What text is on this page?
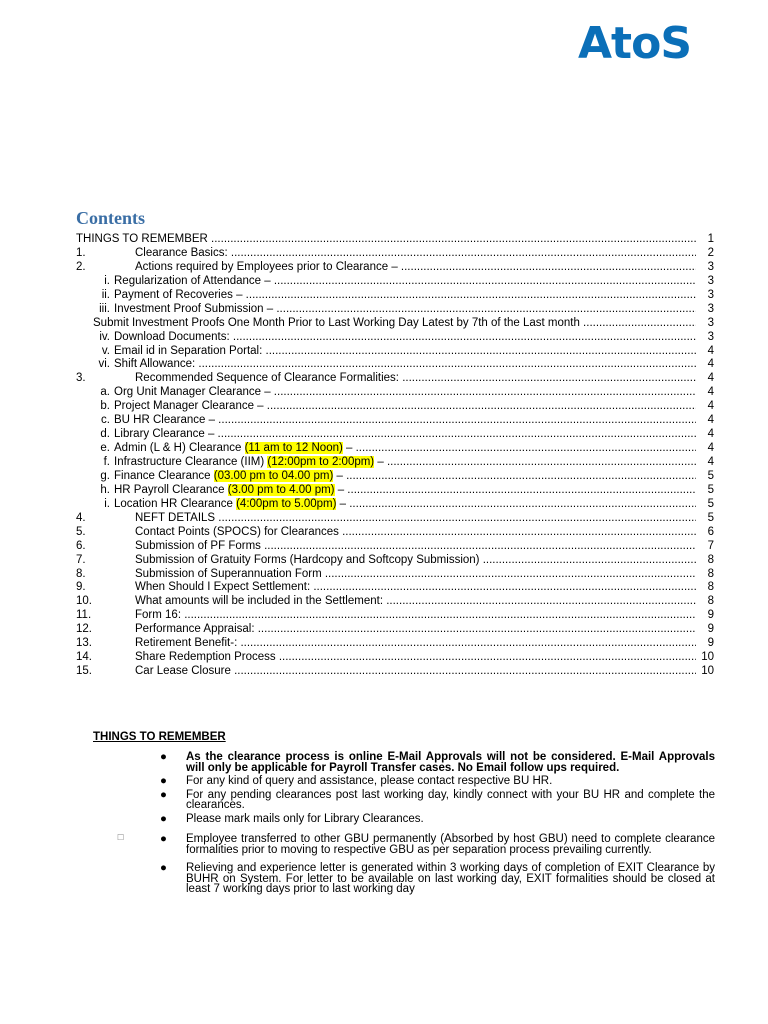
AtoS
Contents
THINGS TO REMEMBER .....	1
1.	Clearance Basics: .....	2
2.	Actions required by Employees prior to Clearance – .....	3
i. Regularization of Attendance – .....	3
ii. Payment of Recoveries – .....	3
iii. Investment Proof Submission – .....	3
Submit Investment Proofs One Month Prior to Last Working Day Latest by 7th of the Last month .....	3
iv. Download Documents: .....	3
v. Email id in Separation Portal: .....	4
vi. Shift Allowance: .....	4
3.	Recommended Sequence of Clearance Formalities: .....	4
a. Org Unit Manager Clearance – .....	4
b. Project Manager Clearance – .....	4
c. BU HR Clearance – .....	4
d. Library Clearance – .....	4
e. Admin (L & H) Clearance (11 am to 12 Noon) – .....	4
f. Infrastructure Clearance (IIM) (12:00pm to 2:00pm) – .....	4
g. Finance Clearance (03.00 pm to 04.00 pm) – .....	5
h. HR Payroll Clearance (3.00 pm to 4.00 pm) – .....	5
i. Location HR Clearance (4:00pm to 5.00pm) – .....	5
4.	NEFT DETAILS .....	5
5.	Contact Points (SPOCS) for Clearances .....	6
6.	Submission of PF Forms .....	7
7.	Submission of Gratuity Forms (Hardcopy and Softcopy Submission) .....	8
8.	Submission of Superannuation Form .....	8
9.	When Should I Expect Settlement: .....	8
10.	What amounts will be included in the Settlement: .....	8
11.	Form 16: .....	9
12.	Performance Appraisal: .....	9
13.	Retirement Benefit-: .....	9
14.	Share Redemption Process .....	10
15.	Car Lease Closure .....	10
THINGS TO REMEMBER
☐
● As the clearance process is online E-Mail Approvals will not be considered. E-Mail Approvals will only be applicable for Payroll Transfer cases. No Email follow ups required.
● For any kind of query and assistance, please contact respective BU HR.
● For any pending clearances post last working day, kindly connect with your BU HR and complete the clearances.
● Please mark mails only for Library Clearances.
● Employee transferred to other GBU permanently (Absorbed by host GBU) need to complete clearance formalities prior to moving to respective GBU as per separation process prevailing currently.
● Relieving and experience letter is generated within 3 working days of completion of EXIT Clearance by BUHR on System. For letter to be available on last working day, EXIT formalities should be closed at least 7 working days prior to last working day
